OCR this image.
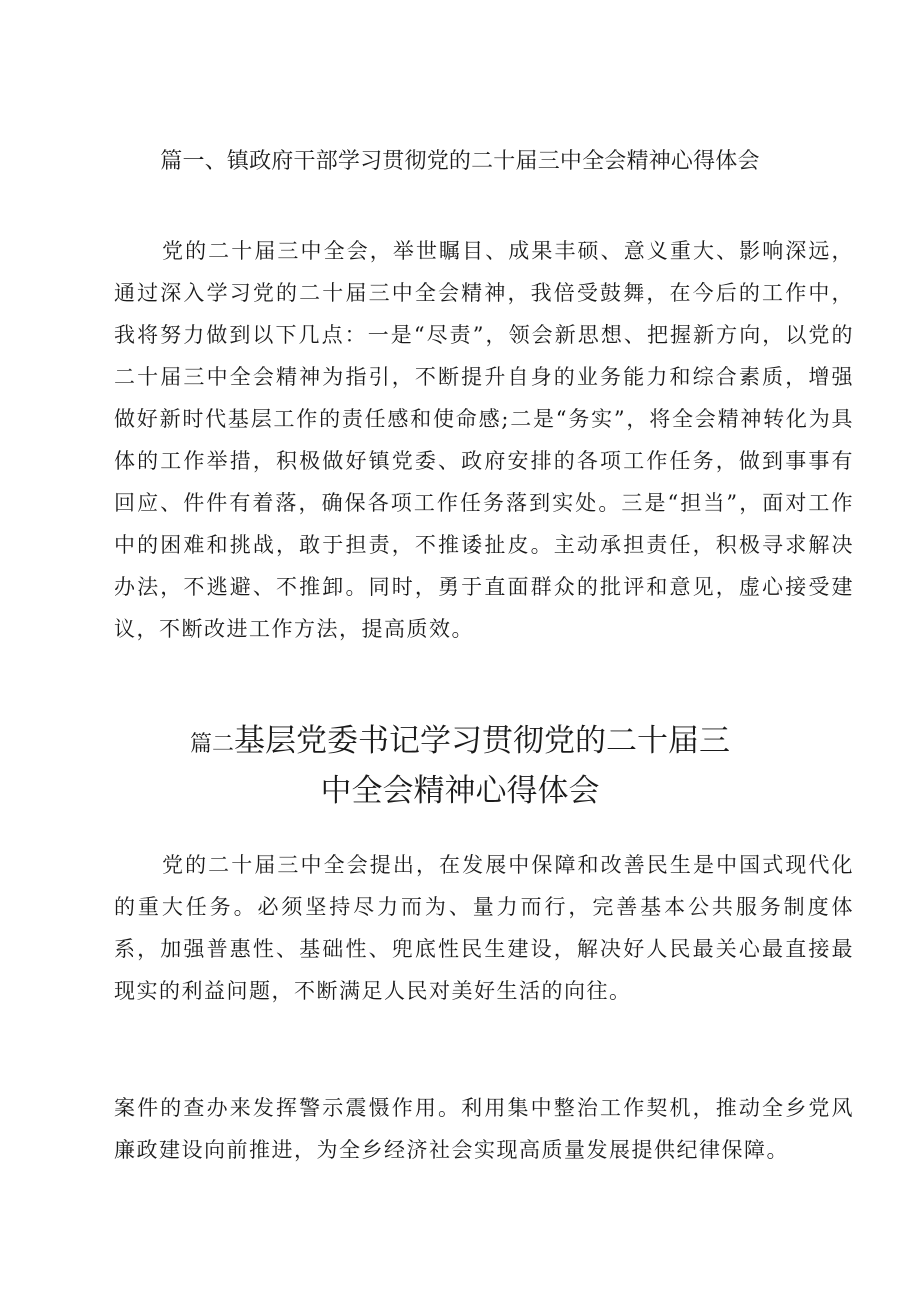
篇一、镇政府干部学习贯彻党的二十届三中全会精神心得体会

党的二十届三中全会，举世瞩目、成果丰硕、意义重大、影响深远，通过深入学习党的二十届三中全会精神，我倍受鼓舞，在今后的工作中，我将努力做到以下几点：一是“尽责”，领会新思想、把握新方向，以党的二十届三中全会精神为指引，不断提升自身的业务能力和综合素质，增强做好新时代基层工作的责任感和使命感;二是“务实”，将全会精神转化为具体的工作举措，积极做好镇党委、政府安排的各项工作任务，做到事事有回应、件件有着落，确保各项工作任务落到实处。三是“担当”，面对工作中的困难和挑战，敢于担责，不推诿扯皮。主动承担责任，积极寻求解决办法，不逃避、不推卸。同时，勇于直面群众的批评和意见，虚心接受建议，不断改进工作方法，提高质效。

篇二基层党委书记学习贯彻党的二十届三
中全会精神心得体会

党的二十届三中全会提出，在发展中保障和改善民生是中国式现代化的重大任务。必须坚持尽力而为、量力而行，完善基本公共服务制度体系，加强普惠性、基础性、兜底性民生建设，解决好人民最关心最直接最现实的利益问题，不断满足人民对美好生活的向往。

案件的查办来发挥警示震慑作用。利用集中整治工作契机，推动全乡党风廉政建设向前推进，为全乡经济社会实现高质量发展提供纪律保障。
